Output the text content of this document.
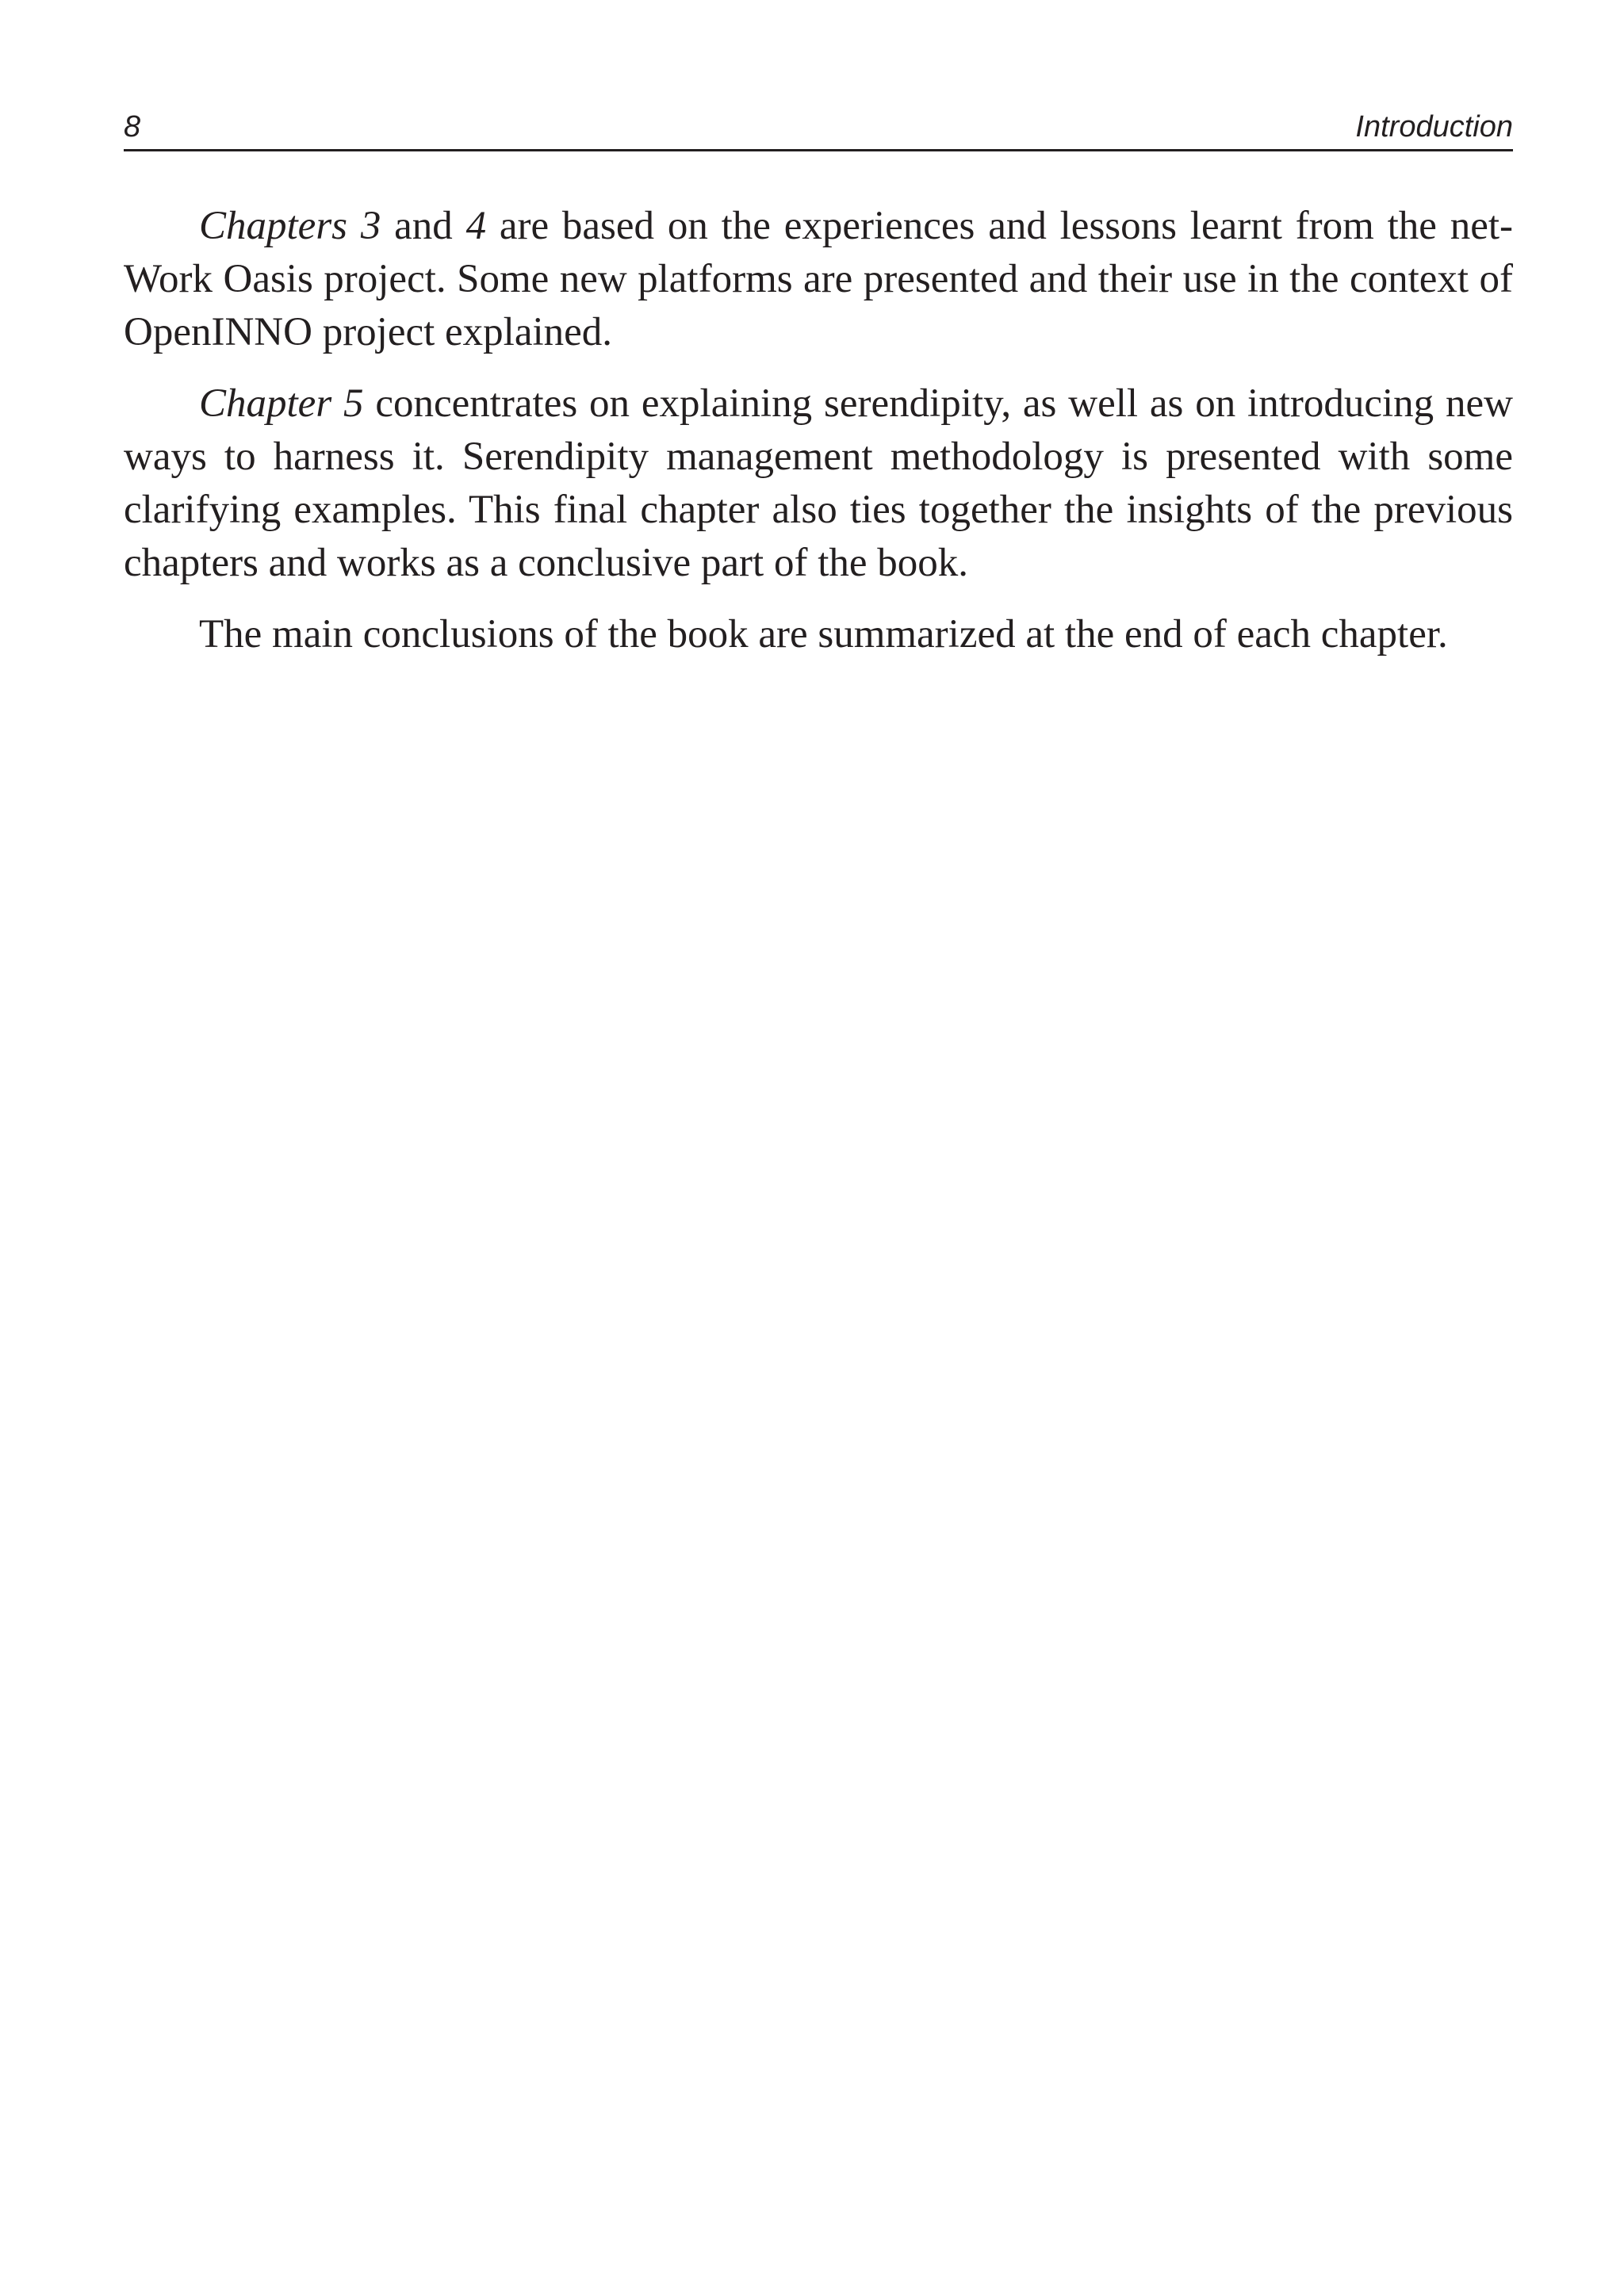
8	Introduction

Chapters 3 and 4 are based on the experiences and lessons learnt from the net-Work Oasis project. Some new platforms are presented and their use in the context of OpenINNO project explained.

Chapter 5 concentrates on explaining serendipity, as well as on introducing new ways to harness it. Serendipity management methodology is presented with some clarifying examples. This final chapter also ties together the insights of the previous chapters and works as a conclusive part of the book.

The main conclusions of the book are summarized at the end of each chapter.
